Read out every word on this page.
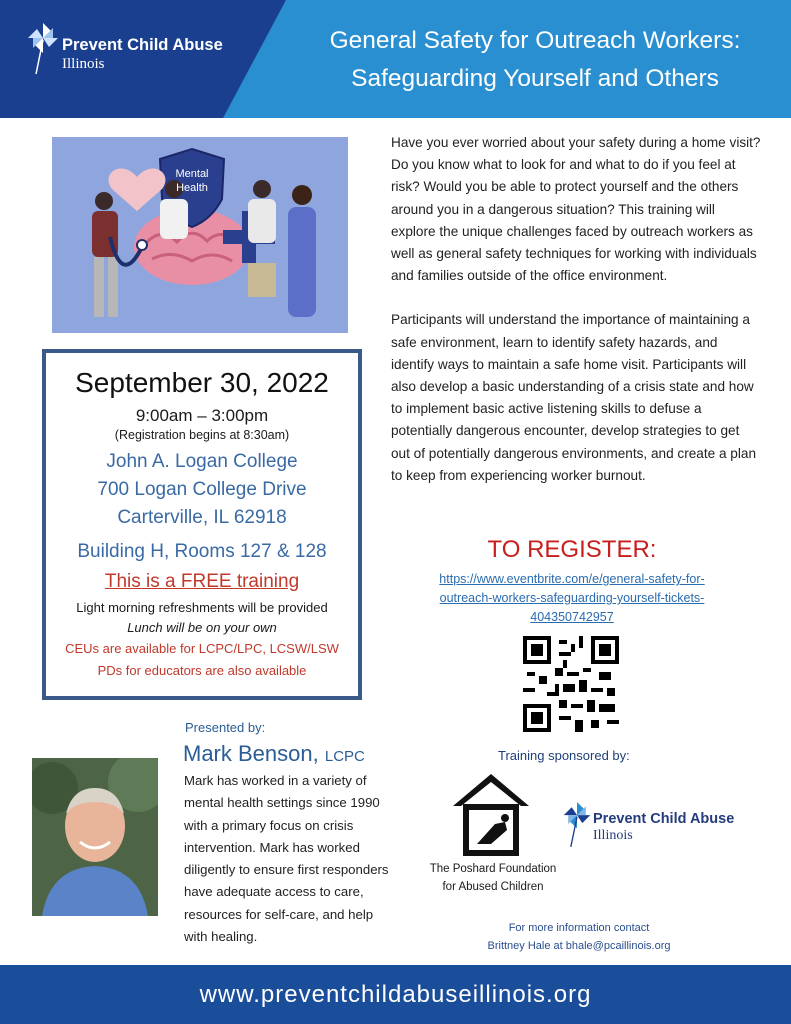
Prevent Child Abuse
Illinois
General Safety for Outreach Workers:
Safeguarding Yourself and Others
Mental
Health

Have you ever worried about your safety during a home visit? Do you know what to look for and what to do if you feel at risk? Would you be able to protect yourself and the others around you in a dangerous situation? This training will explore the unique challenges faced by outreach workers as well as general safety techniques for working with individuals and families outside of the office environment.

Participants will understand the importance of maintaining a safe environment, learn to identify safety hazards, and identify ways to maintain a safe home visit. Participants will also develop a basic understanding of a crisis state and how to implement basic active listening skills to defuse a potentially dangerous encounter, develop strategies to get out of potentially dangerous environments, and create a plan to keep from experiencing worker burnout.

September 30, 2022
9:00am – 3:00pm
(Registration begins at 8:30am)
John A. Logan College
700 Logan College Drive
Carterville, IL 62918
Building H, Rooms 127 & 128
This is a FREE training
Light morning refreshments will be provided
Lunch will be on your own
CEUs are available for LCPC/LPC, LCSW/LSW
PDs for educators are also available
TO REGISTER:
https://www.eventbrite.com/e/general-safety-for-
outreach-workers-safeguarding-yourself-tickets-
404350742957
Presented by:
Mark Benson, LCPC
Mark has worked in a variety of mental health settings since 1990 with a primary focus on crisis intervention. Mark has worked diligently to ensure first responders have adequate access to care, resources for self-care, and help with healing.
Training sponsored by:
The Poshard Foundation
for Abused Children
Prevent Child Abuse
Illinois
For more information contact
Brittney Hale at bhale@pcaillinois.org
www.preventchildabuseillinois.org
